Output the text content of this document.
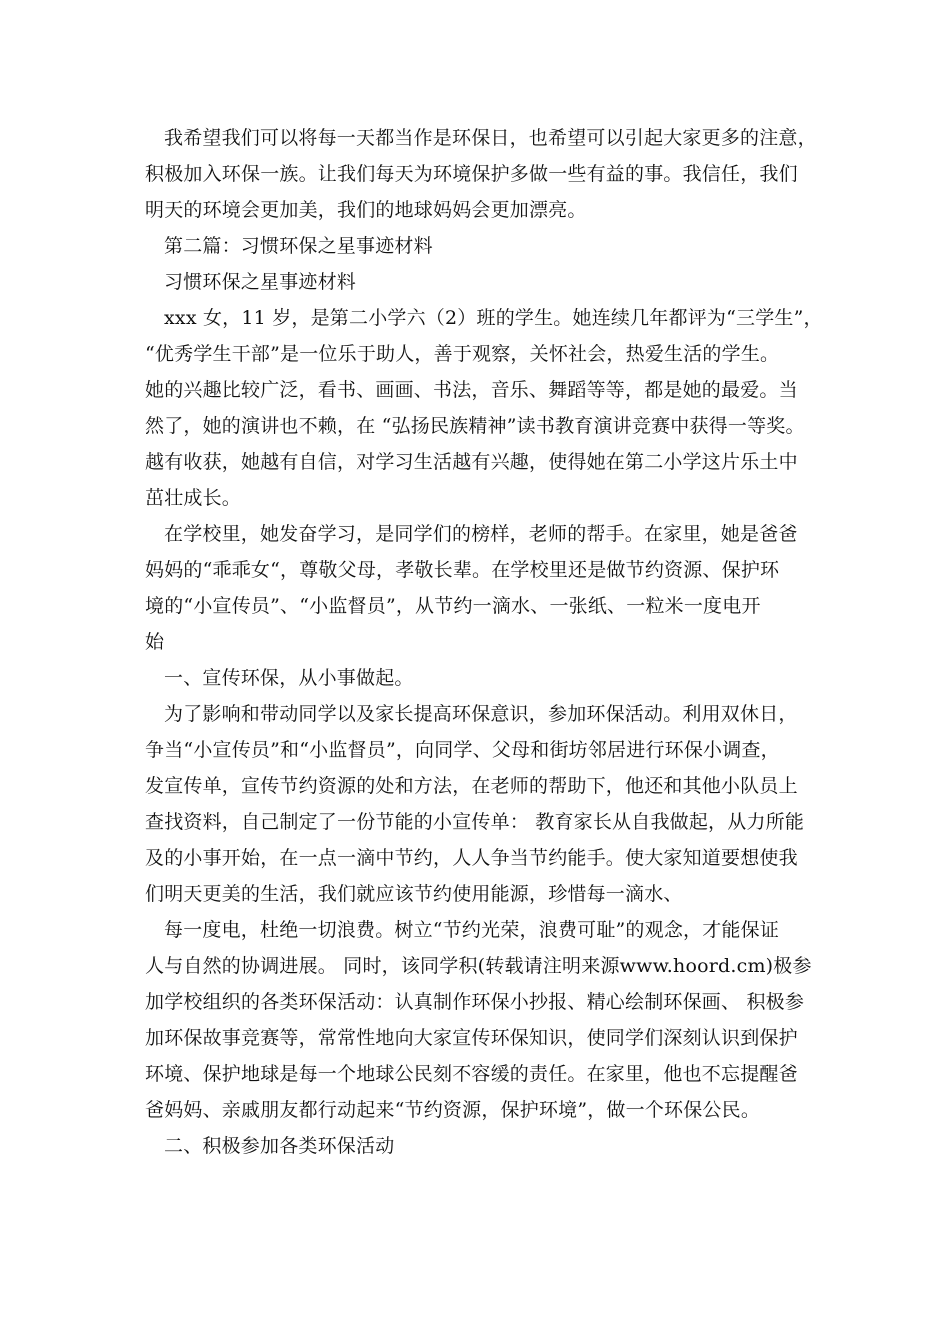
我希望我们可以将每一天都当作是环保日，也希望可以引起大家更多的注意，
积极加入环保一族。让我们每天为环境保护多做一些有益的事。我信任，我们
明天的环境会更加美，我们的地球妈妈会更加漂亮。
第二篇：习惯环保之星事迹材料
习惯环保之星事迹材料
xxx 女，11 岁，是第二小学六（2）班的学生。她连续几年都评为“三学生”，
“优秀学生干部”是一位乐于助人，善于观察，关怀社会，热爱生活的学生。
她的兴趣比较广泛，看书、画画、书法，音乐、舞蹈等等，都是她的最爱。当
然了，她的演讲也不赖，在 “弘扬民族精神”读书教育演讲竞赛中获得一等奖。
越有收获，她越有自信，对学习生活越有兴趣，使得她在第二小学这片乐土中
茁壮成长。
在学校里，她发奋学习，是同学们的榜样，老师的帮手。在家里，她是爸爸
妈妈的“乖乖女“，尊敬父母，孝敬长辈。在学校里还是做节约资源、保护环
境的“小宣传员”、“小监督员”，从节约一滴水、一张纸、一粒米一度电开
始
一、宣传环保，从小事做起。
为了影响和带动同学以及家长提高环保意识，参加环保活动。利用双休日，
争当“小宣传员”和“小监督员”，向同学、父母和街坊邻居进行环保小调查，
发宣传单，宣传节约资源的处和方法，在老师的帮助下，他还和其他小队员上
查找资料，自己制定了一份节能的小宣传单： 教育家长从自我做起，从力所能
及的小事开始，在一点一滴中节约，人人争当节约能手。使大家知道要想使我
们明天更美的生活，我们就应该节约使用能源，珍惜每一滴水、
每一度电，杜绝一切浪费。树立“节约光荣，浪费可耻”的观念，才能保证
人与自然的协调进展。 同时，该同学积(转载请注明来源www.hoord.cm)极参
加学校组织的各类环保活动：认真制作环保小抄报、精心绘制环保画、 积极参
加环保故事竞赛等，常常性地向大家宣传环保知识，使同学们深刻认识到保护
环境、保护地球是每一个地球公民刻不容缓的责任。在家里，他也不忘提醒爸
爸妈妈、亲戚朋友都行动起来“节约资源，保护环境”，做一个环保公民。
二、积极参加各类环保活动
